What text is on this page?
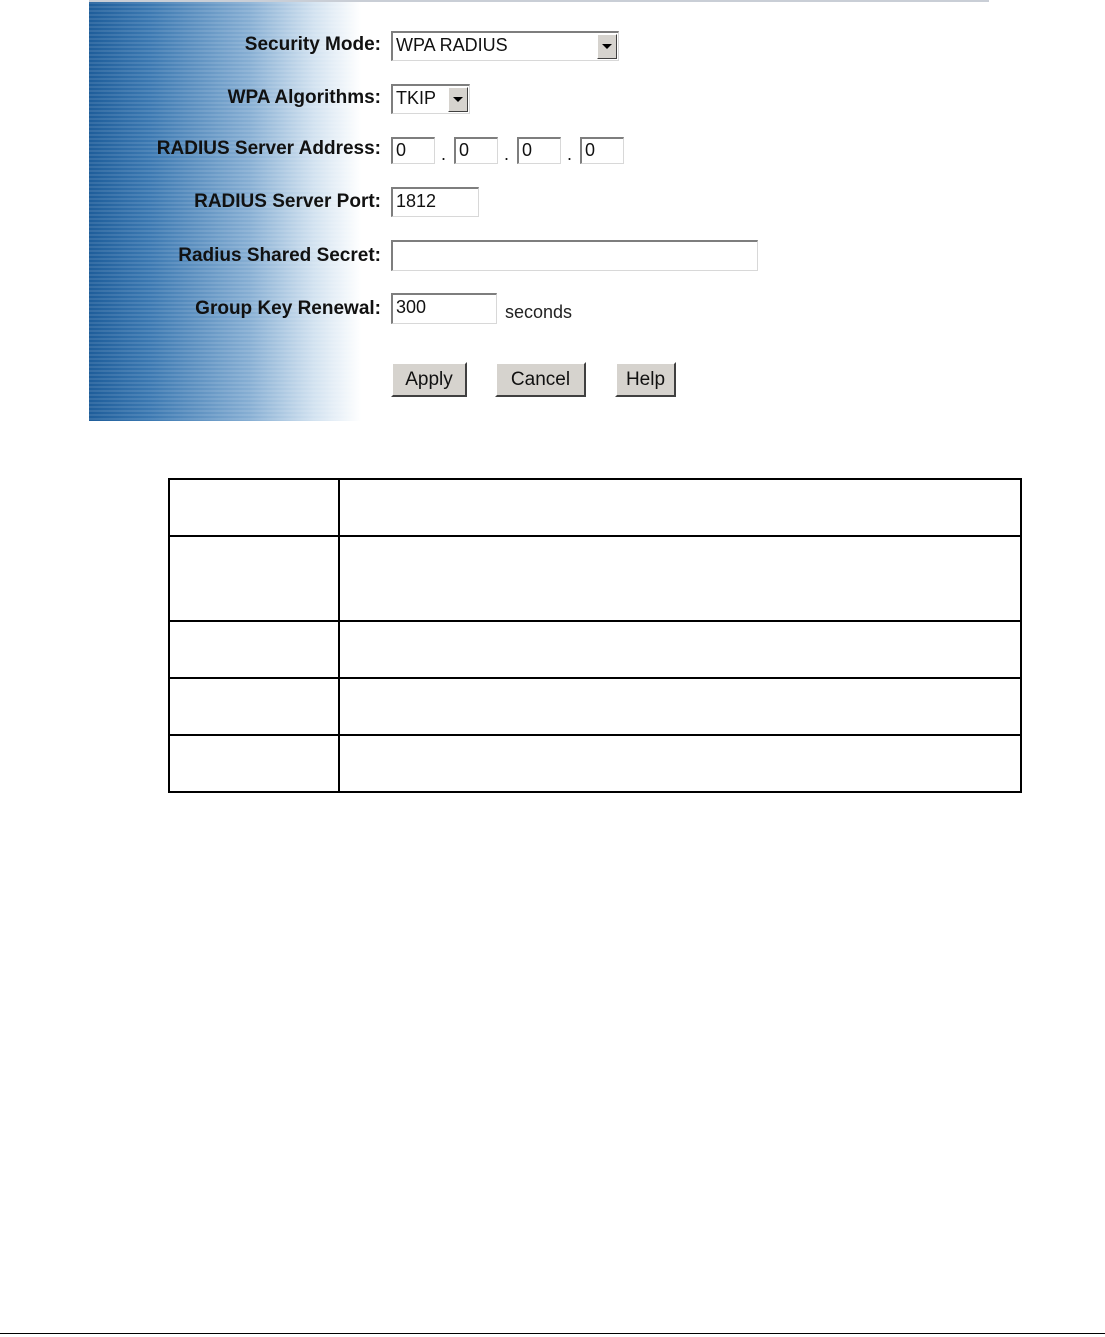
Security Mode: WPA RADIUS
WPA Algorithms: TKIP
RADIUS Server Address: 0	. 0	. 0	. 0
RADIUS Server Port: 1812
Radius Shared Secret:
Group Key Renewal: 300	seconds
Apply	Cancel	Help
